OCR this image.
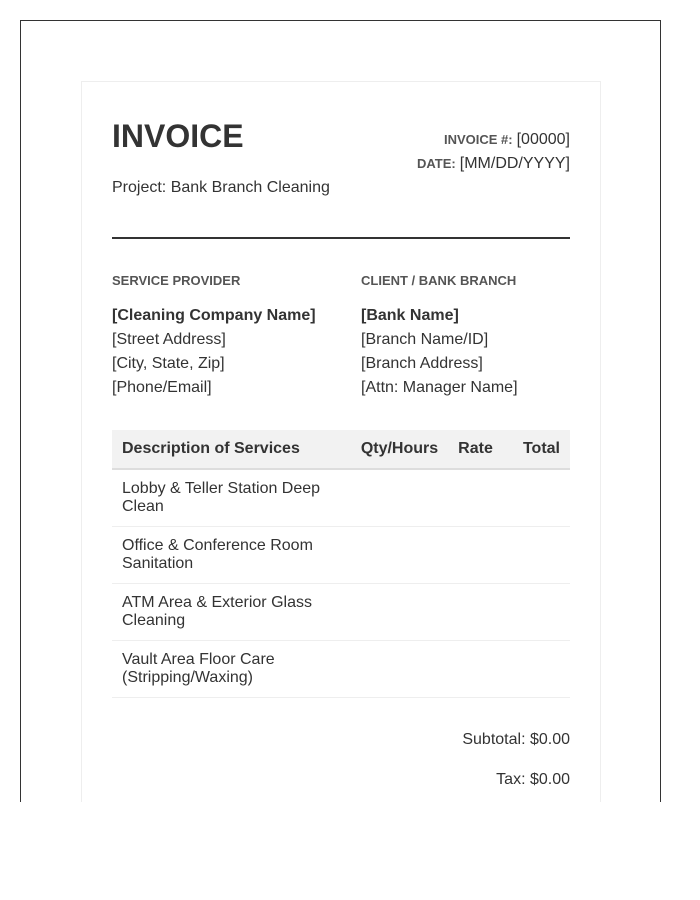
INVOICE
Project: Bank Branch Cleaning
INVOICE #: [00000]
DATE: [MM/DD/YYYY]
SERVICE PROVIDER
[Cleaning Company Name]
[Street Address]
[City, State, Zip]
[Phone/Email]
CLIENT / BANK BRANCH
[Bank Name]
[Branch Name/ID]
[Branch Address]
[Attn: Manager Name]
Description of Services	Qty/Hours	Rate	Total
Lobby & Teller Station Deep Clean			
Office & Conference Room Sanitation			
ATM Area & Exterior Glass Cleaning			
Vault Area Floor Care (Stripping/Waxing)			
Subtotal: $0.00
Tax: $0.00
